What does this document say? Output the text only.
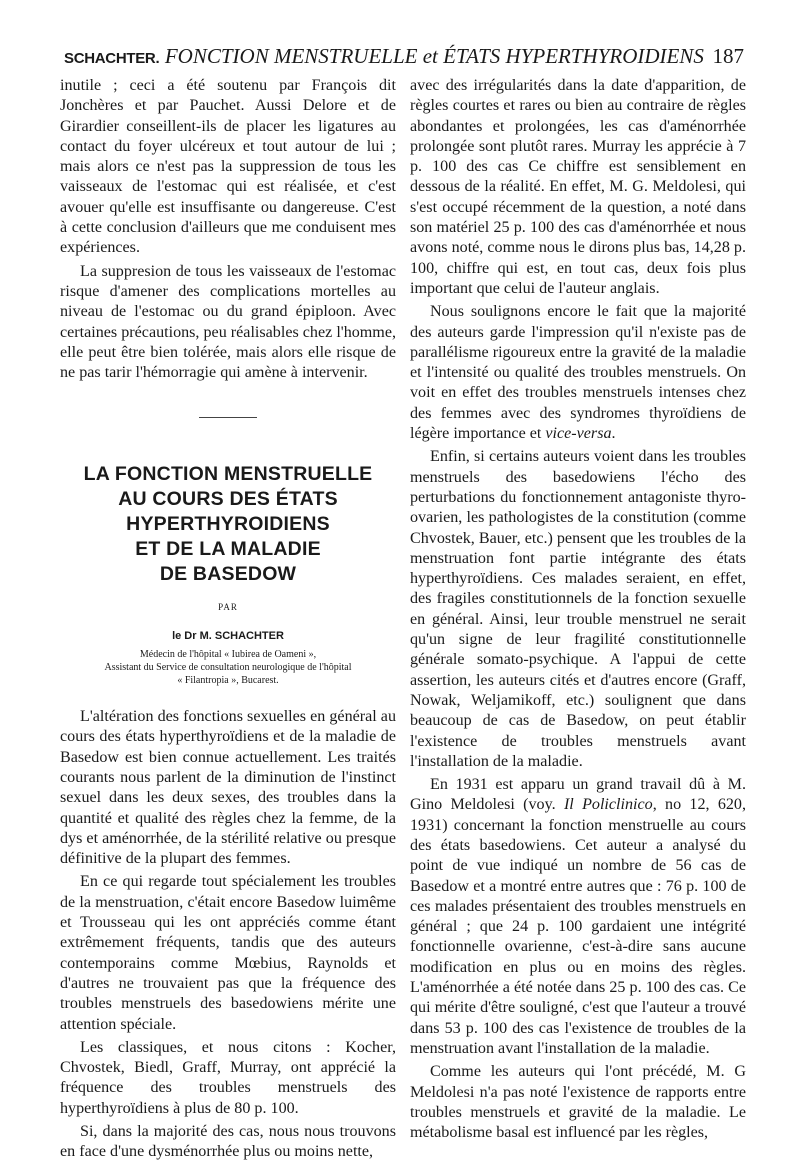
SCHACHTER. FONCTION MENSTRUELLE et ÉTATS HYPERTHYROIDIENS 187

inutile ; ceci a été soutenu par François dit Jonchères et par Pauchet. Aussi Delore et de Girardier conseillent-ils de placer les ligatures au contact du foyer ulcéreux et tout autour de lui ; mais alors ce n'est pas la suppression de tous les vaisseaux de l'estomac qui est réalisée, et c'est avouer qu'elle est insuffisante ou dangereuse. C'est à cette conclusion d'ailleurs que me conduisent mes expériences.

La suppresion de tous les vaisseaux de l'estomac risque d'amener des complications mortelles au niveau de l'estomac ou du grand épiploon. Avec certaines précautions, peu réalisables chez l'homme, elle peut être bien tolérée, mais alors elle risque de ne pas tarir l'hémorragie qui amène à intervenir.

LA FONCTION MENSTRUELLE
AU COURS DES ÉTATS
HYPERTHYROIDIENS
ET DE LA MALADIE
DE BASEDOW
PAR
le Dr M. SCHACHTER
Médecin de l'hôpital « Iubirea de Oameni »,
Assistant du Service de consultation neurologique de l'hôpital
« Filantropia », Bucarest.

L'altération des fonctions sexuelles en général au cours des états hyperthyroïdiens et de la maladie de Basedow est bien connue actuellement. Les traités courants nous parlent de la diminution de l'instinct sexuel dans les deux sexes, des troubles dans la quantité et qualité des règles chez la femme, de la dys et aménorrhée, de la stérilité relative ou presque définitive de la plupart des femmes.

En ce qui regarde tout spécialement les troubles de la menstruation, c'était encore Basedow luimême et Trousseau qui les ont appréciés comme étant extrêmement fréquents, tandis que des auteurs contemporains comme Mœbius, Raynolds et d'autres ne trouvaient pas que la fréquence des troubles menstruels des basedowiens mérite une attention spéciale.

Les classiques, et nous citons : Kocher, Chvostek, Biedl, Graff, Murray, ont apprécié la fréquence des troubles menstruels des hyperthyroïdiens à plus de 80 p. 100.

Si, dans la majorité des cas, nous nous trouvons en face d'une dysménorrhée plus ou moins nette,

avec des irrégularités dans la date d'apparition, de règles courtes et rares ou bien au contraire de règles abondantes et prolongées, les cas d'aménorrhée prolongée sont plutôt rares. Murray les apprécie à 7 p. 100 des cas Ce chiffre est sensiblement en dessous de la réalité. En effet, M. G. Meldolesi, qui s'est occupé récemment de la question, a noté dans son matériel 25 p. 100 des cas d'aménorrhée et nous avons noté, comme nous le dirons plus bas, 14,28 p. 100, chiffre qui est, en tout cas, deux fois plus important que celui de l'auteur anglais.

Nous soulignons encore le fait que la majorité des auteurs garde l'impression qu'il n'existe pas de parallélisme rigoureux entre la gravité de la maladie et l'intensité ou qualité des troubles menstruels. On voit en effet des troubles menstruels intenses chez des femmes avec des syndromes thyroïdiens de légère importance et vice-versa.

Enfin, si certains auteurs voient dans les troubles menstruels des basedowiens l'écho des perturbations du fonctionnement antagoniste thyro-ovarien, les pathologistes de la constitution (comme Chvostek, Bauer, etc.) pensent que les troubles de la menstruation font partie intégrante des états hyperthyroïdiens. Ces malades seraient, en effet, des fragiles constitutionnels de la fonction sexuelle en général. Ainsi, leur trouble menstruel ne serait qu'un signe de leur fragilité constitutionnelle générale somato-psychique. A l'appui de cette assertion, les auteurs cités et d'autres encore (Graff, Nowak, Weljamikoff, etc.) soulignent que dans beaucoup de cas de Basedow, on peut établir l'existence de troubles menstruels avant l'installation de la maladie.

En 1931 est apparu un grand travail dû à M. Gino Meldolesi (voy. Il Policlinico, no 12, 620, 1931) concernant la fonction menstruelle au cours des états basedowiens. Cet auteur a analysé du point de vue indiqué un nombre de 56 cas de Basedow et a montré entre autres que : 76 p. 100 de ces malades présentaient des troubles menstruels en général ; que 24 p. 100 gardaient une intégrité fonctionnelle ovarienne, c'est-à-dire sans aucune modification en plus ou en moins des règles. L'aménorrhée a été notée dans 25 p. 100 des cas. Ce qui mérite d'être souligné, c'est que l'auteur a trouvé dans 53 p. 100 des cas l'existence de troubles de la menstruation avant l'installation de la maladie.

Comme les auteurs qui l'ont précédé, M. G Meldolesi n'a pas noté l'existence de rapports entre troubles menstruels et gravité de la maladie. Le métabolisme basal est influencé par les règles,
